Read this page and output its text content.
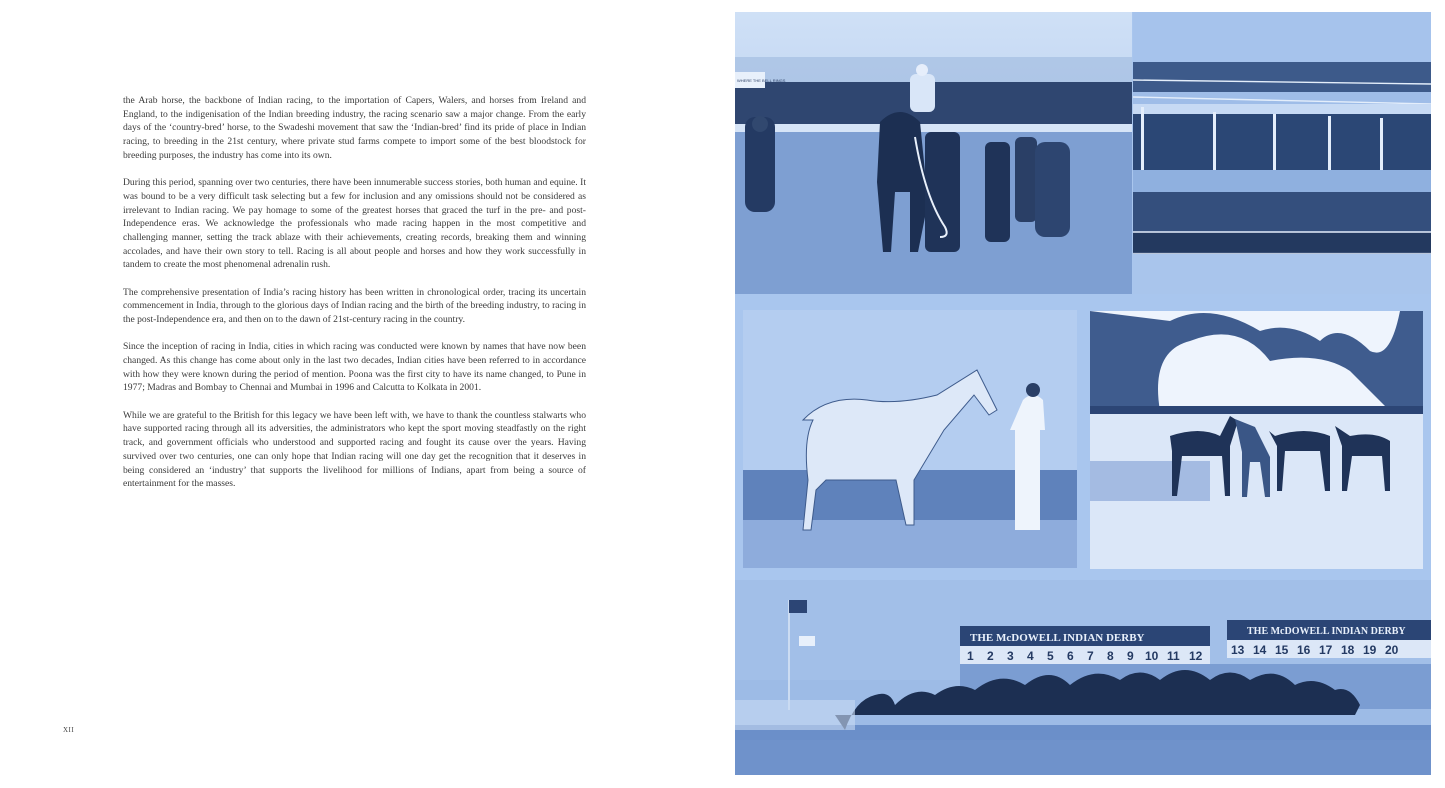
the Arab horse, the backbone of Indian racing, to the importation of Capers, Walers, and horses from Ireland and England, to the indigenisation of the Indian breeding industry, the racing scenario saw a major change. From the early days of the ‘country-bred’ horse, to the Swadeshi movement that saw the ‘Indian-bred’ find its pride of place in Indian racing, to breeding in the 21st century, where private stud farms compete to import some of the best bloodstock for breeding purposes, the industry has come into its own.

During this period, spanning over two centuries, there have been innumerable success stories, both human and equine. It was bound to be a very difficult task selecting but a few for inclusion and any omissions should not be considered as irrelevant to Indian racing. We pay homage to some of the greatest horses that graced the turf in the pre- and post-Independence eras. We acknowledge the professionals who made racing happen in the most competitive and challenging manner, setting the track ablaze with their achievements, creating records, breaking them and winning accolades, and have their own story to tell. Racing is all about people and horses and how they work successfully in tandem to create the most phenomenal adrenalin rush.

The comprehensive presentation of India’s racing history has been written in chronological order, tracing its uncertain commencement in India, through to the glorious days of Indian racing and the birth of the breeding industry, to racing in the post-Independence era, and then on to the dawn of 21st-century racing in the country.

Since the inception of racing in India, cities in which racing was conducted were known by names that have now been changed. As this change has come about only in the last two decades, Indian cities have been referred to in accordance with how they were known during the period of mention. Poona was the first city to have its name changed, to Pune in 1977; Madras and Bombay to Chennai and Mumbai in 1996 and Calcutta to Kolkata in 2001.

While we are grateful to the British for this legacy we have been left with, we have to thank the countless stalwarts who have supported racing through all its adversities, the administrators who kept the sport moving steadfastly on the right track, and government officials who understood and supported racing and fought its cause over the years. Having survived over two centuries, one can only hope that Indian racing will one day get the recognition that it deserves in being considered an ‘industry’ that supports the livelihood for millions of Indians, apart from being a source of entertainment for the masses.

XII
WHERE THE BELL RINGS
THE McDOWELL INDIAN DERBY
THE McDOWELL INDIAN DERBY
1 2 3 4 5 6 7 8 9 10 11 12 13 14 15 16 17 18 19 20
